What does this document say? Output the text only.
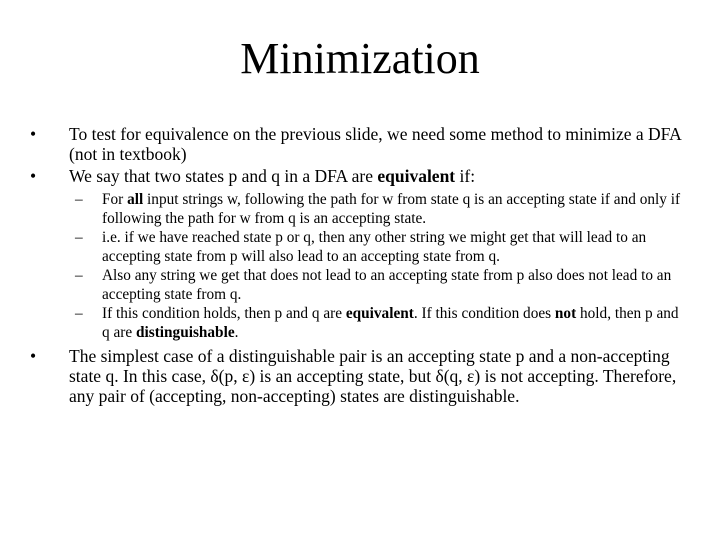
Minimization
•	To test for equivalence on the previous slide, we need some method to minimize a DFA (not in textbook)
•	We say that two states p and q in a DFA are equivalent if:
–	For all input strings w, following the path for w from state q is an accepting state if and only if following the path for w from q is an accepting state.
–	i.e. if we have reached state p or q, then any other string we might get that will lead to an accepting state from p will also lead to an accepting state from q.
–	Also any string we get that does not lead to an accepting state from p also does not lead to an accepting state from q.
–	If this condition holds, then p and q are equivalent. If this condition does not hold, then p and q are distinguishable.
•	The simplest case of a distinguishable pair is an accepting state p and a non-accepting state q. In this case, δ(p, ε) is an accepting state, but δ(q, ε) is not accepting. Therefore, any pair of (accepting, non-accepting) states are distinguishable.
